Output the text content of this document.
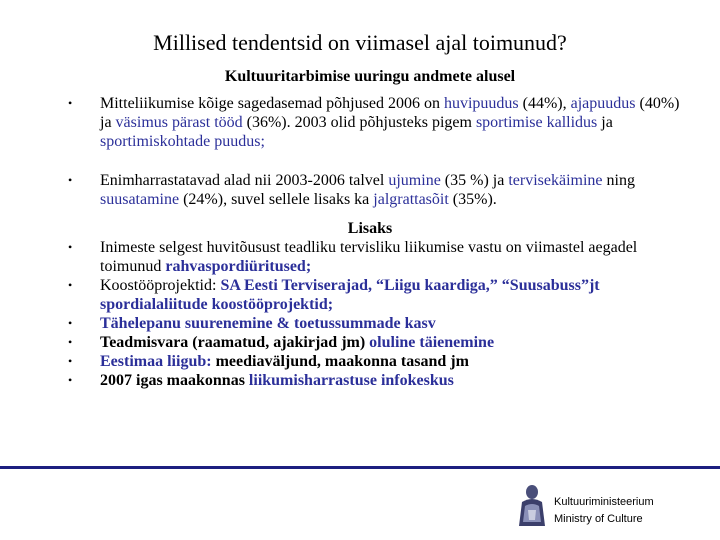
Millised tendentsid on viimasel ajal toimunud?
Kultuuritarbimise uuringu andmete alusel
• Mitteliikumise kõige sagedasemad põhjused 2006 on huvipuudus (44%), ajapuudus (40%) ja väsimus pärast tööd (36%). 2003 olid põhjusteks pigem sportimise kallidus ja sportimiskohtade puudus;
• Enimharrastatavad alad nii 2003-2006 talvel ujumine (35 %) ja tervisekäimine ning suusatamine (24%), suvel sellele lisaks ka jalgrattasõit (35%).
Lisaks
• Inimeste selgest huvitõusust teadliku tervisliku liikumise vastu on viimastel aegadel toimunud rahvaspordiüritused;
• Koostööprojektid: SA Eesti Terviserajad, “Liigu kaardiga,” “Suusabuss”jt spordialaliitude koostööprojektid;
• Tähelepanu suurenemine & toetussummade kasv
• Teadmisvara (raamatud, ajakirjad jm) oluline täienemine
• Eestimaa liigub: meediaväljund, maakonna tasand jm
• 2007 igas maakonnas liikumisharrastuse infokeskus
Kultuuriministeerium
Ministry of Culture
